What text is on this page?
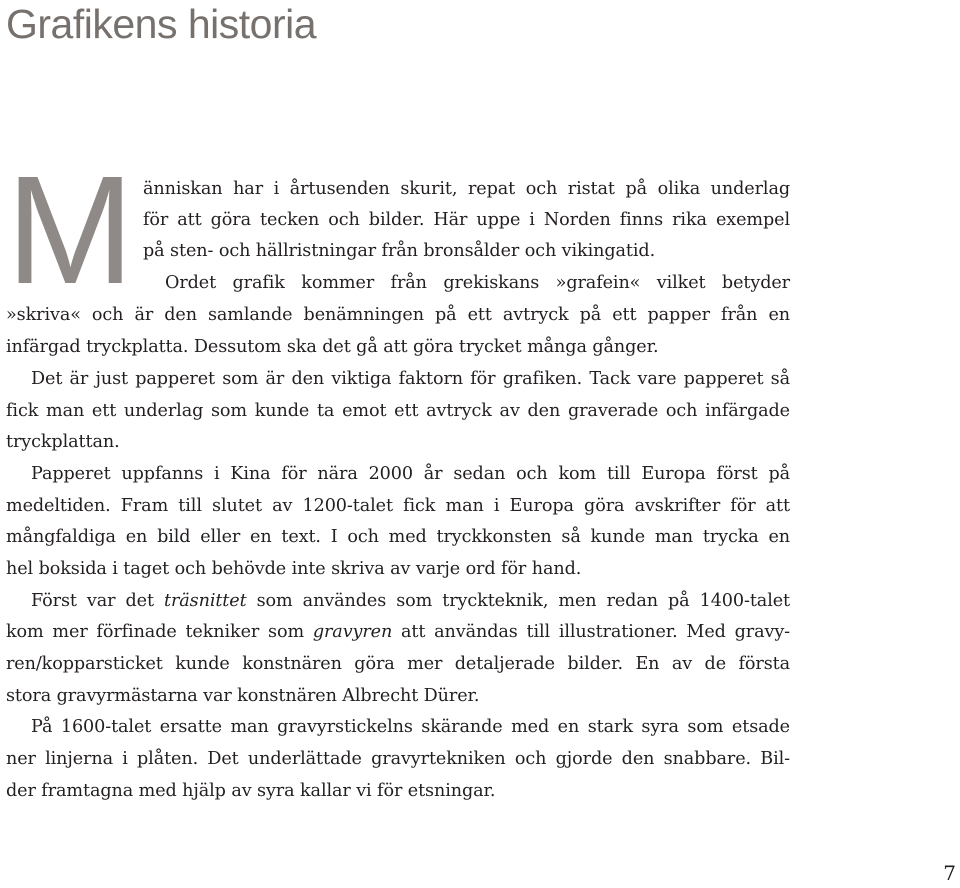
Grafikens historia
M änniskan har i årtusenden skurit, repat och ristat på olika underlag

för att göra tecken och bilder. Här uppe i Norden finns rika exempel

på sten- och hällristningar från bronsålder och vikingatid.

Ordet grafik kommer från grekiskans »grafein« vilket betyder

»skriva« och är den samlande benämningen på ett avtryck på ett papper från en

infärgad tryckplatta. Dessutom ska det gå att göra trycket många gånger.

Det är just papperet som är den viktiga faktorn för grafiken. Tack vare papperet så

fick man ett underlag som kunde ta emot ett avtryck av den graverade och infärgade

tryckplattan.

Papperet uppfanns i Kina för nära 2000 år sedan och kom till Europa först på

medeltiden. Fram till slutet av 1200-talet fick man i Europa göra avskrifter för att

mångfaldiga en bild eller en text. I och med tryckkonsten så kunde man trycka en

hel boksida i taget och behövde inte skriva av varje ord för hand.

Först var det träsnittet som användes som tryckteknik, men redan på 1400-talet

kom mer förfinade tekniker som gravyren att användas till illustrationer. Med gravy-

ren/kopparsticket kunde konstnären göra mer detaljerade bilder. En av de första

stora gravyrmästarna var konstnären Albrecht Dürer.

På 1600-talet ersatte man gravyrstickelns skärande med en stark syra som etsade

ner linjerna i plåten. Det underlättade gravyrtekniken och gjorde den snabbare. Bil-

der framtagna med hjälp av syra kallar vi för etsningar.

7
